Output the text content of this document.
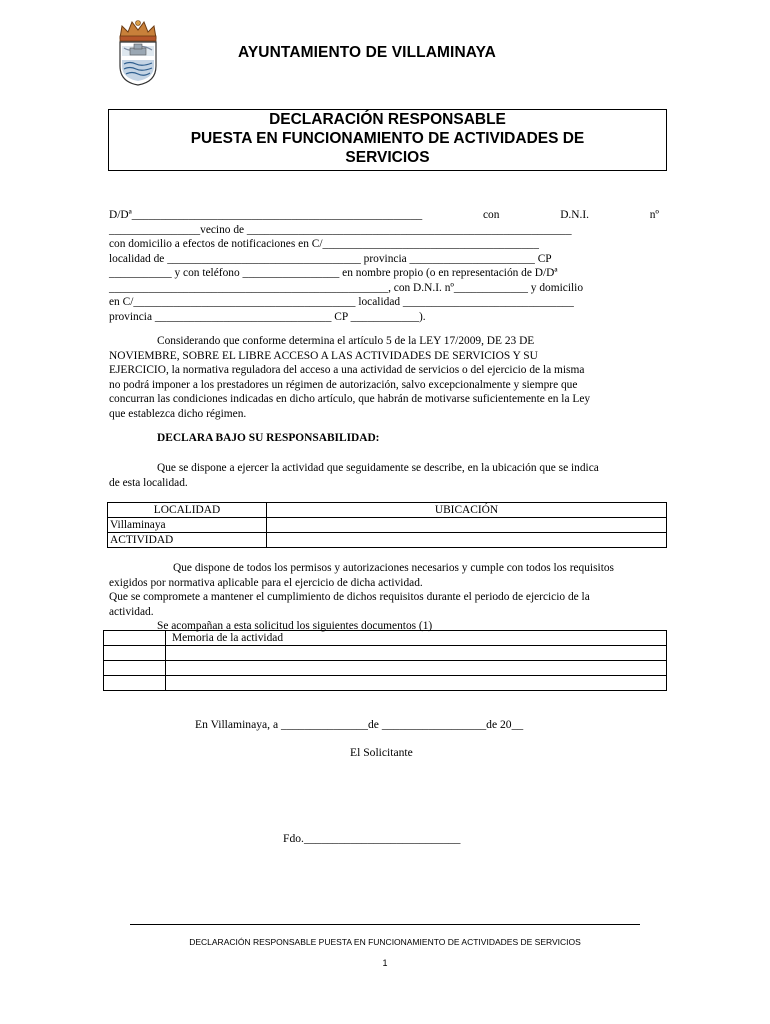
AYUNTAMIENTO DE VILLAMINAYA
DECLARACIÓN RESPONSABLE
PUESTA EN FUNCIONAMIENTO DE ACTIVIDADES DE
SERVICIOS
D/Dª___________________________________________________	con	D.N.I.	nº
________________vecino de _________________________________________________________
con domicilio a efectos de notificaciones en C/______________________________________
localidad de __________________________________ provincia ______________________ CP
___________ y con teléfono _________________ en nombre propio (o en representación de D/Dª
_________________________________________________, con D.N.I. nº_____________ y domicilio
en C/_______________________________________ localidad ______________________________
provincia _______________________________ CP ____________).
Considerando que conforme determina el artículo 5 de la LEY 17/2009, DE 23 DE
NOVIEMBRE, SOBRE EL LIBRE ACCESO A LAS ACTIVIDADES DE SERVICIOS Y SU
EJERCICIO, la normativa reguladora del acceso a una actividad de servicios o del ejercicio de la misma
no podrá imponer a los prestadores un régimen de autorización, salvo excepcionalmente y siempre que
concurran las condiciones indicadas en dicho artículo, que habrán de motivarse suficientemente en la Ley
que establezca dicho régimen.
DECLARA BAJO SU RESPONSABILIDAD:
Que se dispone a ejercer la actividad que seguidamente se describe, en la ubicación que se indica
de esta localidad.
LOCALIDAD	UBICACIÓN
Villaminaya	
ACTIVIDAD	
Que dispone de todos los permisos y autorizaciones necesarios y cumple con todos los requisitos
exigidos por normativa aplicable para el ejercicio de dicha actividad.
Que se compromete a mantener el cumplimiento de dichos requisitos durante el periodo de ejercicio de la
actividad.
Se acompañan a esta solicitud los siguientes documentos (1)
	Memoria de la actividad

En Villaminaya, a _______________de __________________de 20__
El Solicitante
Fdo.___________________________
DECLARACIÓN RESPONSABLE PUESTA EN FUNCIONAMIENTO DE ACTIVIDADES DE SERVICIOS
1
